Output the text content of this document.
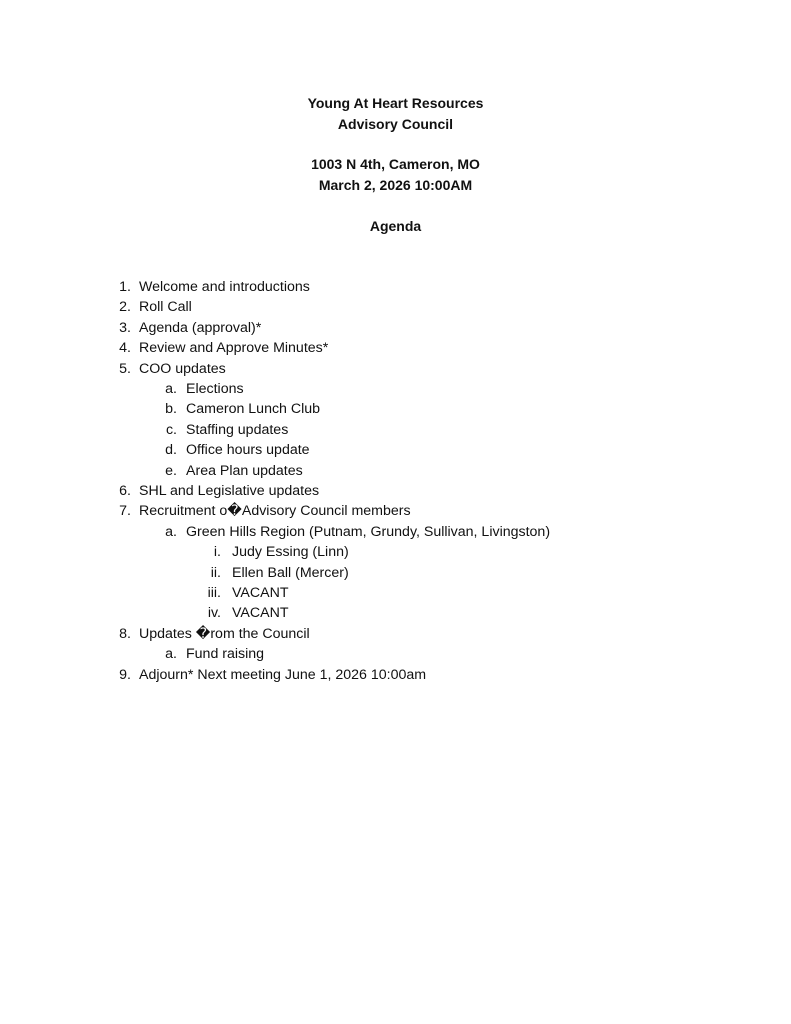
Young At Heart Resources
Advisory Council
1003 N 4th, Cameron, MO
March 2, 2026 10:00AM
Agenda
1. Welcome and introductions
2. Roll Call
3. Agenda (approval)*
4. Review and Approve Minutes*
5. COO updates
a. Elections
b. Cameron Lunch Club
c. Staffing updates
d. Office hours update
e. Area Plan updates
6. SHL and Legislative updates
7. Recruitment o�Advisory Council members
a. Green Hills Region (Putnam, Grundy, Sullivan, Livingston)
i. Judy Essing (Linn)
ii. Ellen Ball (Mercer)
iii. VACANT
iv. VACANT
8. Updates �rom the Council
a. Fund raising
9. Adjourn* Next meeting June 1, 2026 10:00am
